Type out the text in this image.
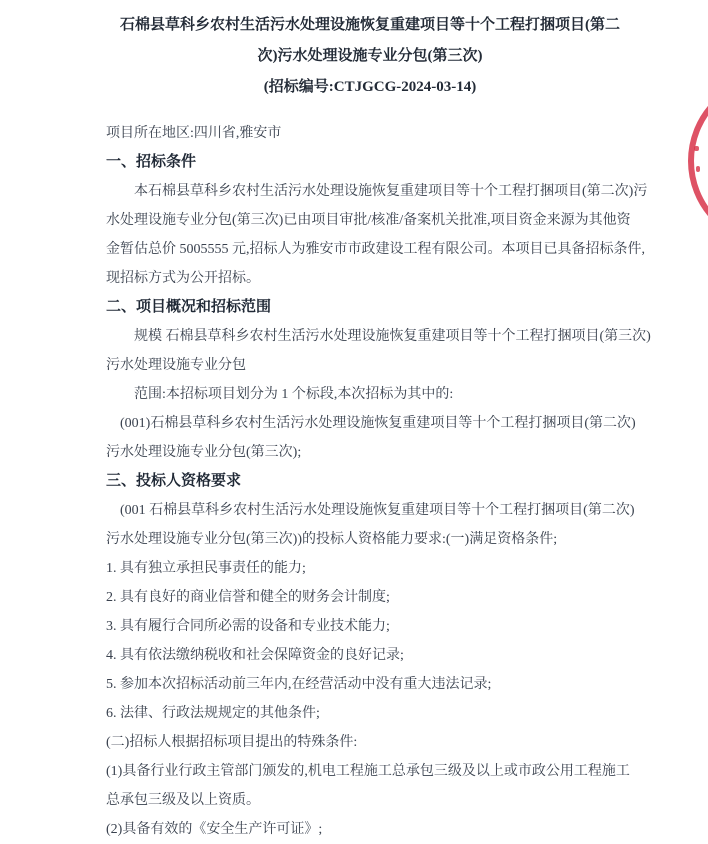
石棉县草科乡农村生活污水处理设施恢复重建项目等十个工程打捆项目(第二
次)污水处理设施专业分包(第三次)
(招标编号:CTJGCG-2024-03-14)
项目所在地区:四川省,雅安市
一、招标条件
本石棉县草科乡农村生活污水处理设施恢复重建项目等十个工程打捆项目(第二次)污
水处理设施专业分包(第三次)已由项目审批/核准/备案机关批准,项目资金来源为其他资
金暂估总价 5005555 元,招标人为雅安市市政建设工程有限公司。本项目已具备招标条件,
现招标方式为公开招标。
二、项目概况和招标范围
规模 石棉县草科乡农村生活污水处理设施恢复重建项目等十个工程打捆项目(第三次)
污水处理设施专业分包
范围:本招标项目划分为 1 个标段,本次招标为其中的:
(001)石棉县草科乡农村生活污水处理设施恢复重建项目等十个工程打捆项目(第二次)
污水处理设施专业分包(第三次);
三、投标人资格要求
(001 石棉县草科乡农村生活污水处理设施恢复重建项目等十个工程打捆项目(第二次)
污水处理设施专业分包(第三次))的投标人资格能力要求:(一)满足资格条件;
1. 具有独立承担民事责任的能力;
2. 具有良好的商业信誉和健全的财务会计制度;
3. 具有履行合同所必需的设备和专业技术能力;
4. 具有依法缴纳税收和社会保障资金的良好记录;
5. 参加本次招标活动前三年内,在经营活动中没有重大违法记录;
6. 法律、行政法规规定的其他条件;
(二)招标人根据招标项目提出的特殊条件:
(1)具备行业行政主管部门颁发的,机电工程施工总承包三级及以上或市政公用工程施工
总承包三级及以上资质。
(2)具备有效的《安全生产许可证》;
